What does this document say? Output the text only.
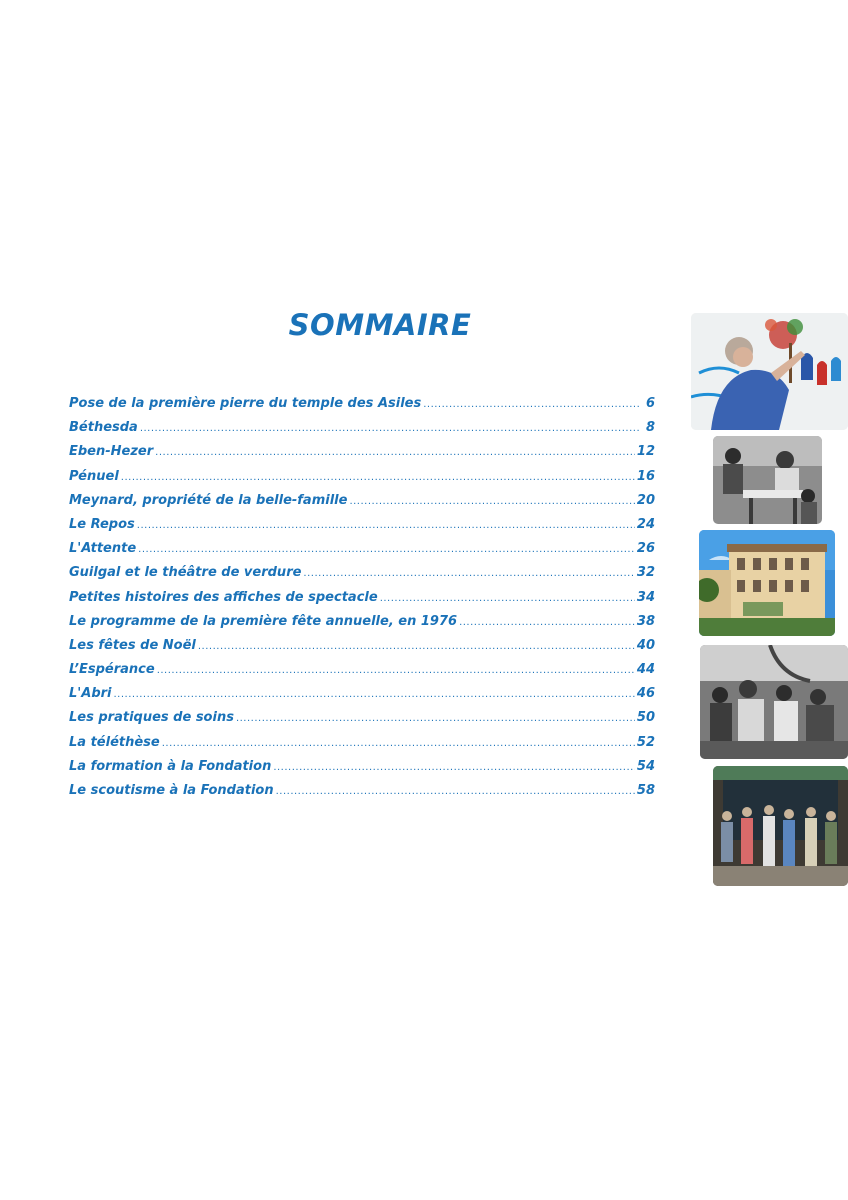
SOMMAIRE
Pose de la première pierre du temple des Asiles .....	6
Béthesda .....	8
Eben-Hezer .....	12
Pénuel .....	16
Meynard, propriété de la belle-famille .....	20
Le Repos .....	24
L'Attente .....	26
Guilgal et le théâtre de verdure .....	32
Petites histoires des affiches de spectacle .....	34
Le programme de la première fête annuelle, en 1976 .....	38
Les fêtes de Noël .....	40
L’Espérance .....	44
L'Abri .....	46
Les pratiques de soins .....	50
La téléthèse .....	52
La formation à la Fondation .....	54
Le scoutisme à la Fondation .....	58
